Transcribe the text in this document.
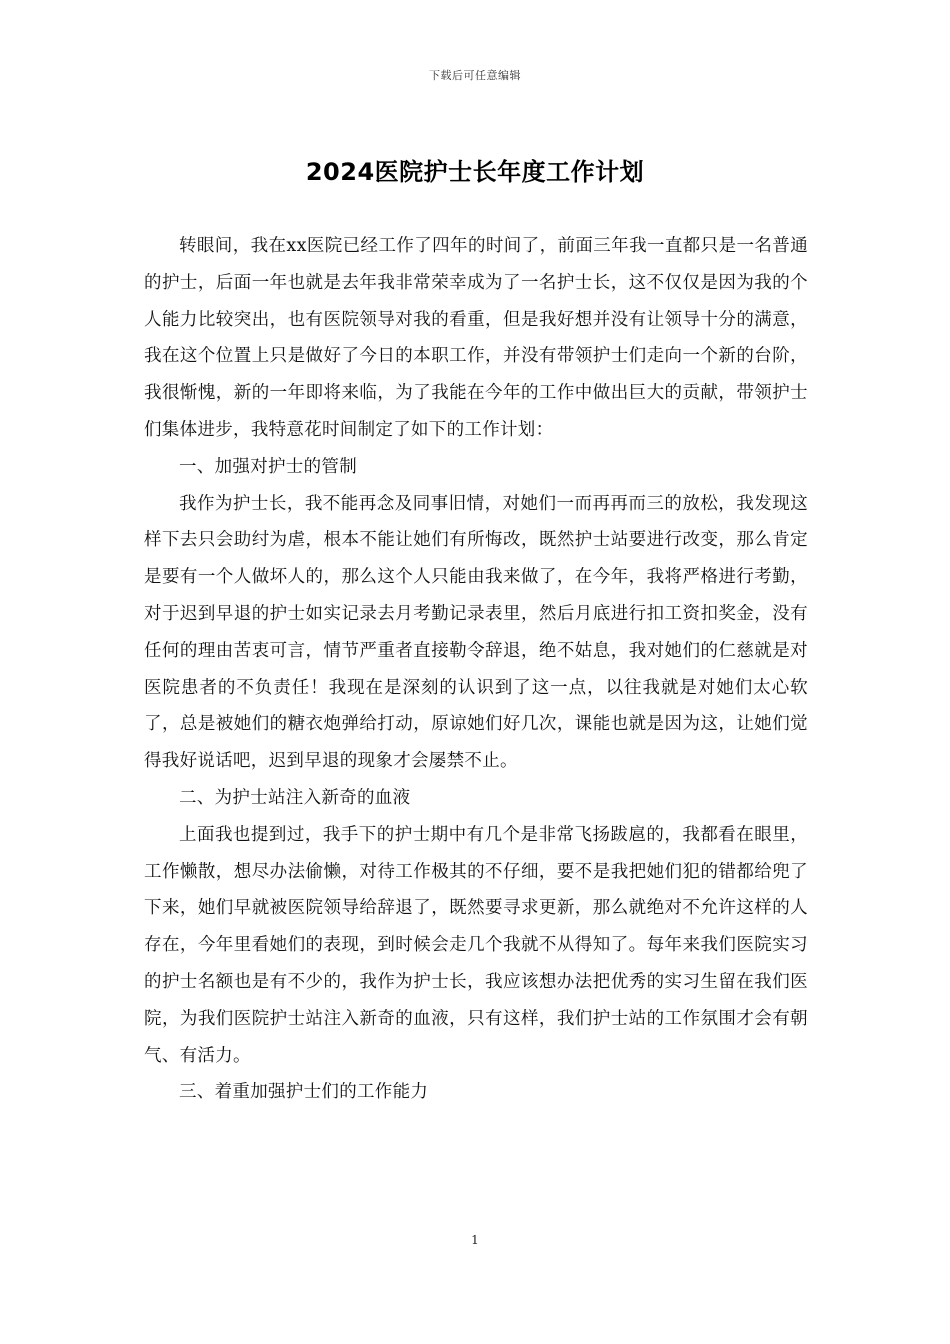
下载后可任意编辑
2024医院护士长年度工作计划

转眼间，我在xx医院已经工作了四年的时间了，前面三年我一直都只是一名普通的护士，后面一年也就是去年我非常荣幸成为了一名护士长，这不仅仅是因为我的个人能力比较突出，也有医院领导对我的看重，但是我好想并没有让领导十分的满意，我在这个位置上只是做好了今日的本职工作，并没有带领护士们走向一个新的台阶，我很惭愧，新的一年即将来临，为了我能在今年的工作中做出巨大的贡献，带领护士们集体进步，我特意花时间制定了如下的工作计划：

一、加强对护士的管制

我作为护士长，我不能再念及同事旧情，对她们一而再再而三的放松，我发现这样下去只会助纣为虐，根本不能让她们有所悔改，既然护士站要进行改变，那么肯定是要有一个人做坏人的，那么这个人只能由我来做了，在今年，我将严格进行考勤，对于迟到早退的护士如实记录去月考勤记录表里，然后月底进行扣工资扣奖金，没有任何的理由苦衷可言，情节严重者直接勒令辞退，绝不姑息，我对她们的仁慈就是对医院患者的不负责任！我现在是深刻的认识到了这一点，以往我就是对她们太心软了，总是被她们的糖衣炮弹给打动，原谅她们好几次，课能也就是因为这，让她们觉得我好说话吧，迟到早退的现象才会屡禁不止。

二、为护士站注入新奇的血液

上面我也提到过，我手下的护士期中有几个是非常飞扬跋扈的，我都看在眼里，工作懒散，想尽办法偷懒，对待工作极其的不仔细，要不是我把她们犯的错都给兜了下来，她们早就被医院领导给辞退了，既然要寻求更新，那么就绝对不允许这样的人存在，今年里看她们的表现，到时候会走几个我就不从得知了。每年来我们医院实习的护士名额也是有不少的，我作为护士长，我应该想办法把优秀的实习生留在我们医院，为我们医院护士站注入新奇的血液，只有这样，我们护士站的工作氛围才会有朝气、有活力。

三、着重加强护士们的工作能力

1
